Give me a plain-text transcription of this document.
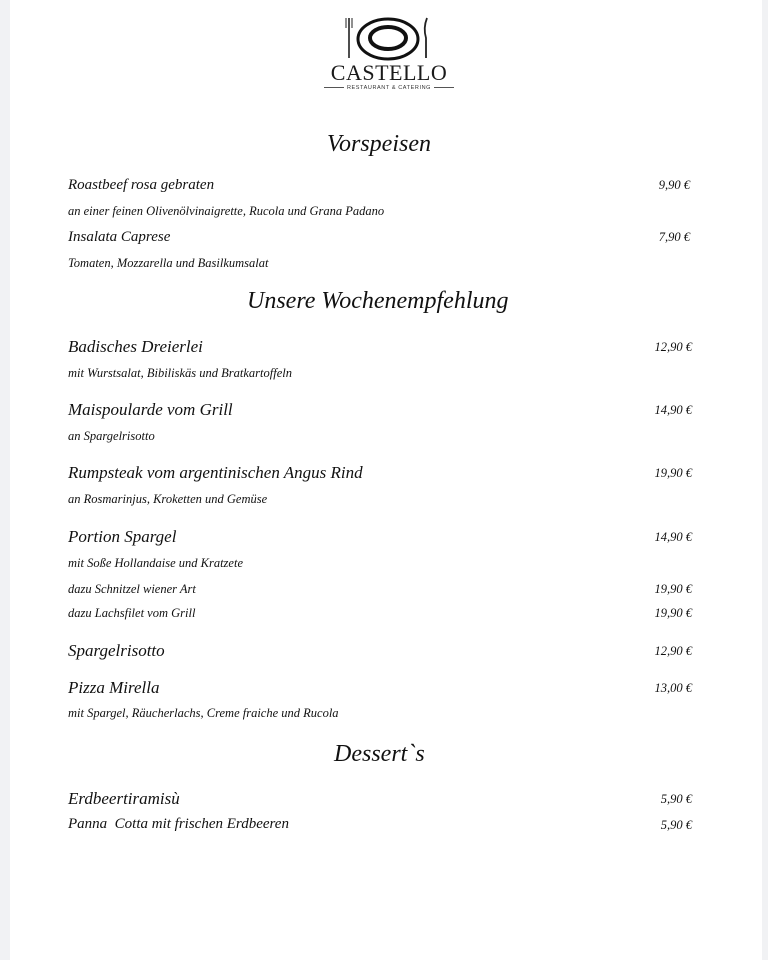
CASTELLO
RESTAURANT & CATERING
Vorspeisen
Roastbeef rosa gebraten	9,90 €
an einer feinen Olivenölvinaigrette, Rucola und Grana Padano
Insalata Caprese	7,90 €
Tomaten, Mozzarella und Basilkumsalat
Unsere Wochenempfehlung
Badisches Dreierlei	12,90 €
mit Wurstsalat, Bibiliskäs und Bratkartoffeln
Maispoularde vom Grill	14,90 €
an Spargelrisotto
Rumpsteak vom argentinischen Angus Rind	19,90 €
an Rosmarinjus, Kroketten und Gemüse
Portion Spargel	14,90 €
mit Soße Hollandaise und Kratzete
dazu Schnitzel wiener Art	19,90 €
dazu Lachsfilet vom Grill	19,90 €
Spargelrisotto	12,90 €
Pizza Mirella	13,00 €
mit Spargel, Räucherlachs, Creme fraiche und Rucola
Dessert`s
Erdbeertiramisù	5,90 €
Panna  Cotta mit frischen Erdbeeren	5,90 €
